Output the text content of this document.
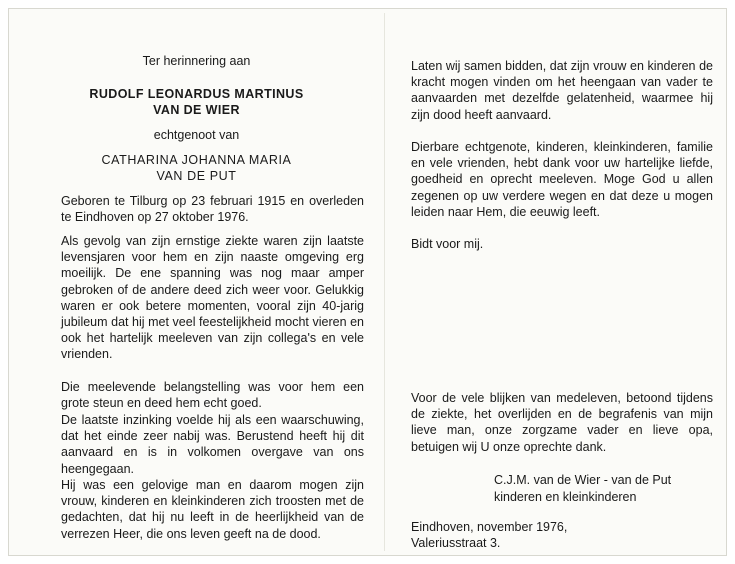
Ter herinnering aan
RUDOLF LEONARDUS MARTINUS
VAN DE WIER
echtgenoot van
CATHARINA JOHANNA MARIA
VAN DE PUT

Geboren te Tilburg op 23 februari 1915 en overleden te Eindhoven op 27 oktober 1976.

Als gevolg van zijn ernstige ziekte waren zijn laatste levensjaren voor hem en zijn naaste omgeving erg moeilijk. De ene spanning was nog maar amper gebroken of de andere deed zich weer voor. Gelukkig waren er ook betere momenten, vooral zijn 40-jarig jubileum dat hij met veel feestelijkheid mocht vieren en ook het hartelijk meeleven van zijn collega's en vele vrienden.

Die meelevende belangstelling was voor hem een grote steun en deed hem echt goed.

De laatste inzinking voelde hij als een waarschuwing, dat het einde zeer nabij was. Berustend heeft hij dit aanvaard en is in volkomen overgave van ons heengegaan.

Hij was een gelovige man en daarom mogen zijn vrouw, kinderen en kleinkinderen zich troosten met de gedachten, dat hij nu leeft in de heerlijkheid van de verrezen Heer, die ons leven geeft na de dood.

Laten wij samen bidden, dat zijn vrouw en kinderen de kracht mogen vinden om het heengaan van vader te aanvaarden met dezelfde gelatenheid, waarmee hij zijn dood heeft aanvaard.

Dierbare echtgenote, kinderen, kleinkinderen, familie en vele vrienden, hebt dank voor uw hartelijke liefde, goedheid en oprecht meeleven. Moge God u allen zegenen op uw verdere wegen en dat deze u mogen leiden naar Hem, die eeuwig leeft.

Bidt voor mij.

Voor de vele blijken van medeleven, betoond tijdens de ziekte, het overlijden en de begrafenis van mijn lieve man, onze zorgzame vader en lieve opa, betuigen wij U onze oprechte dank.

C.J.M. van de Wier - van de Put
kinderen en kleinkinderen
Eindhoven, november 1976,
Valeriusstraat 3.
